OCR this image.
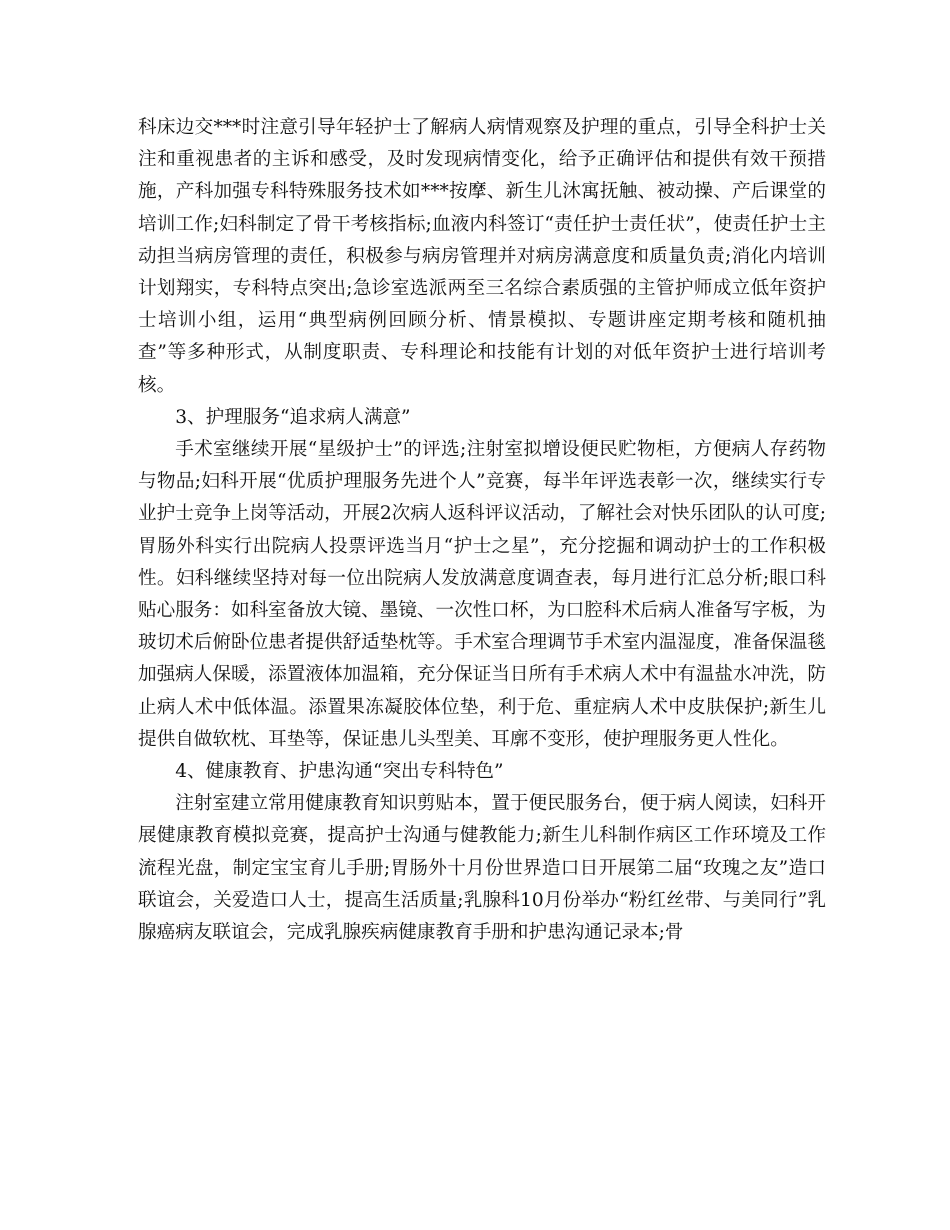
科床边交***时注意引导年轻护士了解病人病情观察及护理的重点，引导全科护士关注和重视患者的主诉和感受，及时发现病情变化，给予正确评估和提供有效干预措施，产科加强专科特殊服务技术如***按摩、新生儿沐寓抚触、被动操、产后课堂的培训工作;妇科制定了骨干考核指标;血液内科签订“责任护士责任状”，使责任护士主动担当病房管理的责任，积极参与病房管理并对病房满意度和质量负责;消化内培训计划翔实，专科特点突出;急诊室选派两至三名综合素质强的主管护师成立低年资护士培训小组，运用“典型病例回顾分析、情景模拟、专题讲座定期考核和随机抽查”等多种形式，从制度职责、专科理论和技能有计划的对低年资护士进行培训考核。

3、护理服务“追求病人满意”

手术室继续开展“星级护士”的评选;注射室拟增设便民贮物柜，方便病人存药物与物品;妇科开展“优质护理服务先进个人”竞赛，每半年评选表彰一次，继续实行专业护士竞争上岗等活动，开展2次病人返科评议活动，了解社会对快乐团队的认可度;胃肠外科实行出院病人投票评选当月“护士之星”，充分挖掘和调动护士的工作积极性。妇科继续坚持对每一位出院病人发放满意度调查表，每月进行汇总分析;眼口科贴心服务：如科室备放大镜、墨镜、一次性口杯，为口腔科术后病人准备写字板，为玻切术后俯卧位患者提供舒适垫枕等。手术室合理调节手术室内温湿度，准备保温毯加强病人保暖，添置液体加温箱，充分保证当日所有手术病人术中有温盐水冲洗，防止病人术中低体温。添置果冻凝胶体位垫，利于危、重症病人术中皮肤保护;新生儿提供自做软枕、耳垫等，保证患儿头型美、耳廓不变形，使护理服务更人性化。

4、健康教育、护患沟通“突出专科特色”

注射室建立常用健康教育知识剪贴本，置于便民服务台，便于病人阅读，妇科开展健康教育模拟竞赛，提高护士沟通与健教能力;新生儿科制作病区工作环境及工作流程光盘，制定宝宝育儿手册;胃肠外十月份世界造口日开展第二届“玫瑰之友”造口联谊会，关爱造口人士，提高生活质量;乳腺科10月份举办“粉红丝带、与美同行”乳腺癌病友联谊会，完成乳腺疾病健康教育手册和护患沟通记录本;骨
